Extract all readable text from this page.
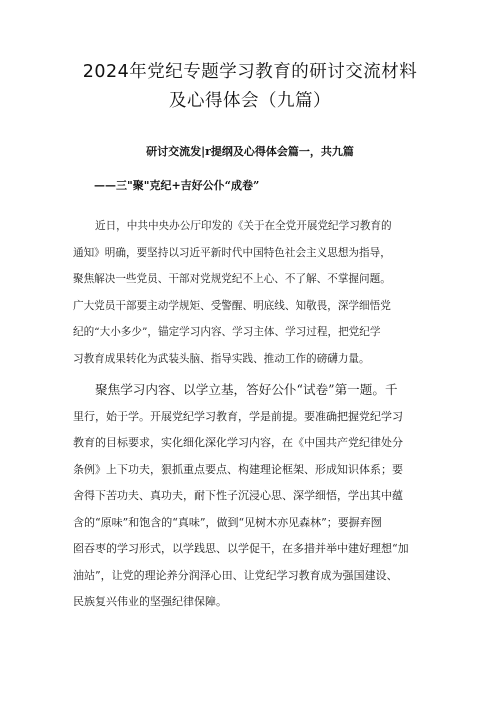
2024年党纪专题学习教育的研讨交流材料
及心得体会（九篇）

研讨交流发|r提纲及心得体会篇一，共九篇

——三"聚"克纪+吉好公仆“成卷”

近日，中共中央办公厅印发的《关于在全党开展党纪学习教育的
通知》明确，要坚持以习近平新时代中国特色社会主义思想为指导，
聚焦解决一些党员、干部对党规党纪不上心、不了解、不掌握问题。
广大党员干部要主动学规矩、受警醒、明底线、知敬畏，深学细悟党
纪的“大小多少”，锚定学习内容、学习主体、学习过程，把党纪学
习教育成果转化为武装头脑、指导实践、推动工作的磅礴力量。
聚焦学习内容、以学立基，答好公仆“试卷”第一题。千
里行，始于学。开展党纪学习教育，学是前提。要准确把握党纪学习
教育的目标要求，实化细化深化学习内容，在《中国共产党纪律处分
条例》上下功夫，狠抓重点要点、构建理论框架、形成知识体系；要
舍得下苦功夫、真功夫，耐下性子沉浸心思、深学细悟，学出其中蕴
含的“原味”和饱含的“真味”，做到“见树木亦见森林”；要摒弃囫
囵吞枣的学习形式，以学践思、以学促干，在多措并举中建好理想“加
油站”，让党的理论养分润泽心田、让党纪学习教育成为强国建设、
民族复兴伟业的坚强纪律保障。
